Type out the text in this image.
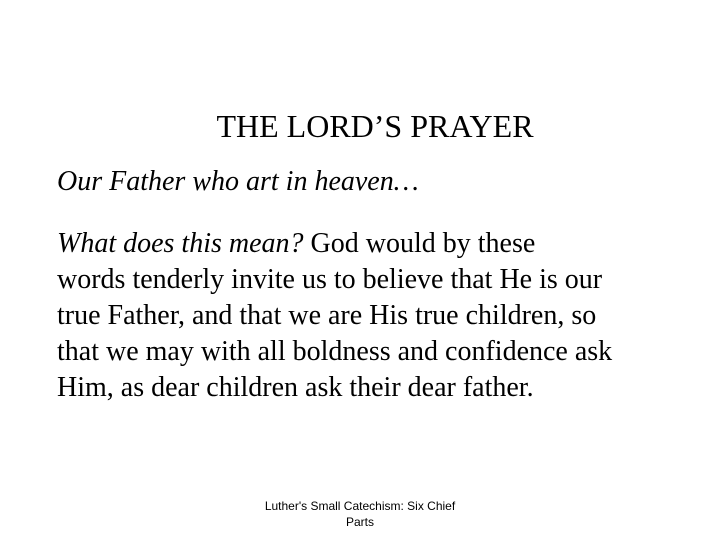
THE LORD’S PRAYER
Our Father who art in heaven…
What does this mean? God would by these
words tenderly invite us to believe that He is our
true Father, and that we are His true children, so
that we may with all boldness and confidence ask
Him, as dear children ask their dear father.
Luther's Small Catechism: Six Chief
Parts
